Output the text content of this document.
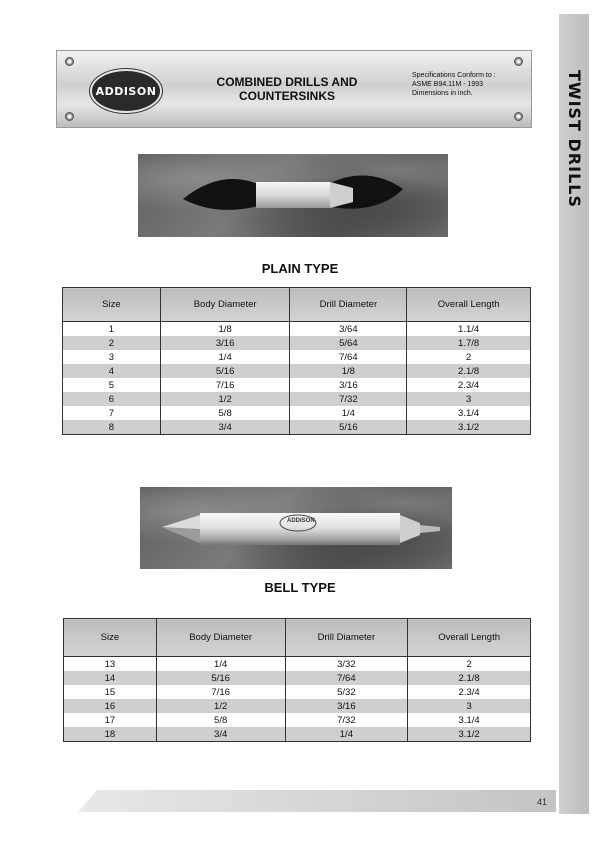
TWIST DRILLS
ADDISON
COMBINED DRILLS AND COUNTERSINKS
Specifications Conform to :
ASME B94.11M - 1993
Dimensions in inch.
PLAIN TYPE
Size	Body Diameter	Drill Diameter	Overall Length
1	1/8	3/64	1.1/4
2	3/16	5/64	1.7/8
3	1/4	7/64	2
4	5/16	1/8	2.1/8
5	7/16	3/16	2.3/4
6	1/2	7/32	3
7	5/8	1/4	3.1/4
8	3/4	5/16	3.1/2
ADDISON
BELL TYPE
Size	Body Diameter	Drill Diameter	Overall Length
13	1/4	3/32	2
14	5/16	7/64	2.1/8
15	7/16	5/32	2.3/4
16	1/2	3/16	3
17	5/8	7/32	3.1/4
18	3/4	1/4	3.1/2
41
